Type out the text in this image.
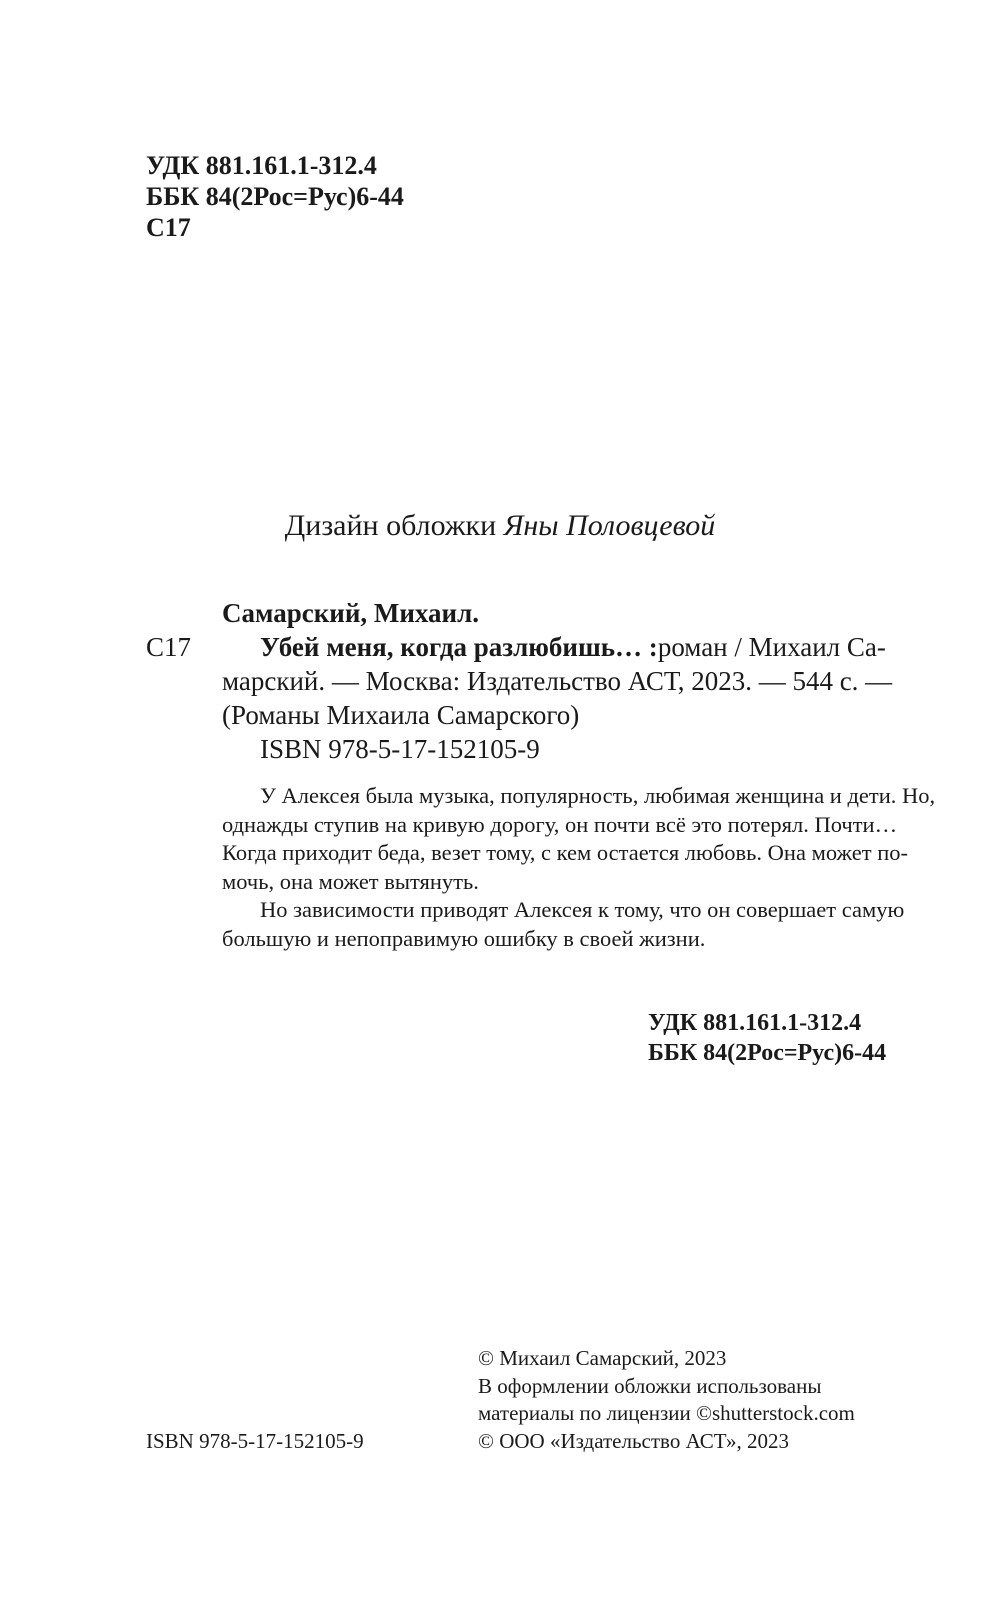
УДК 881.161.1-312.4
ББК 84(2Рос=Рус)6-44
С17
Дизайн обложки Яны Половцевой
Самарский, Михаил.
С17	Убей меня, когда разлюбишь… : роман / Михаил Са-
марский. — Москва: Издательство АСТ, 2023. — 544 с. —
(Романы Михаила Самарского)
ISBN 978-5-17-152105-9
У Алексея была музыка, популярность, любимая женщина и дети. Но,
однажды ступив на кривую дорогу, он почти всё это потерял. Почти…
Когда приходит беда, везет тому, с кем остается любовь. Она может по-
мочь, она может вытянуть.
Но зависимости приводят Алексея к тому, что он совершает самую
большую и непоправимую ошибку в своей жизни.
УДК 881.161.1-312.4
ББК 84(2Рос=Рус)6-44
© Михаил Самарский, 2023
В оформлении обложки использованы
материалы по лицензии ©shutterstock.com
© ООО «Издательство АСТ», 2023
ISBN 978-5-17-152105-9
